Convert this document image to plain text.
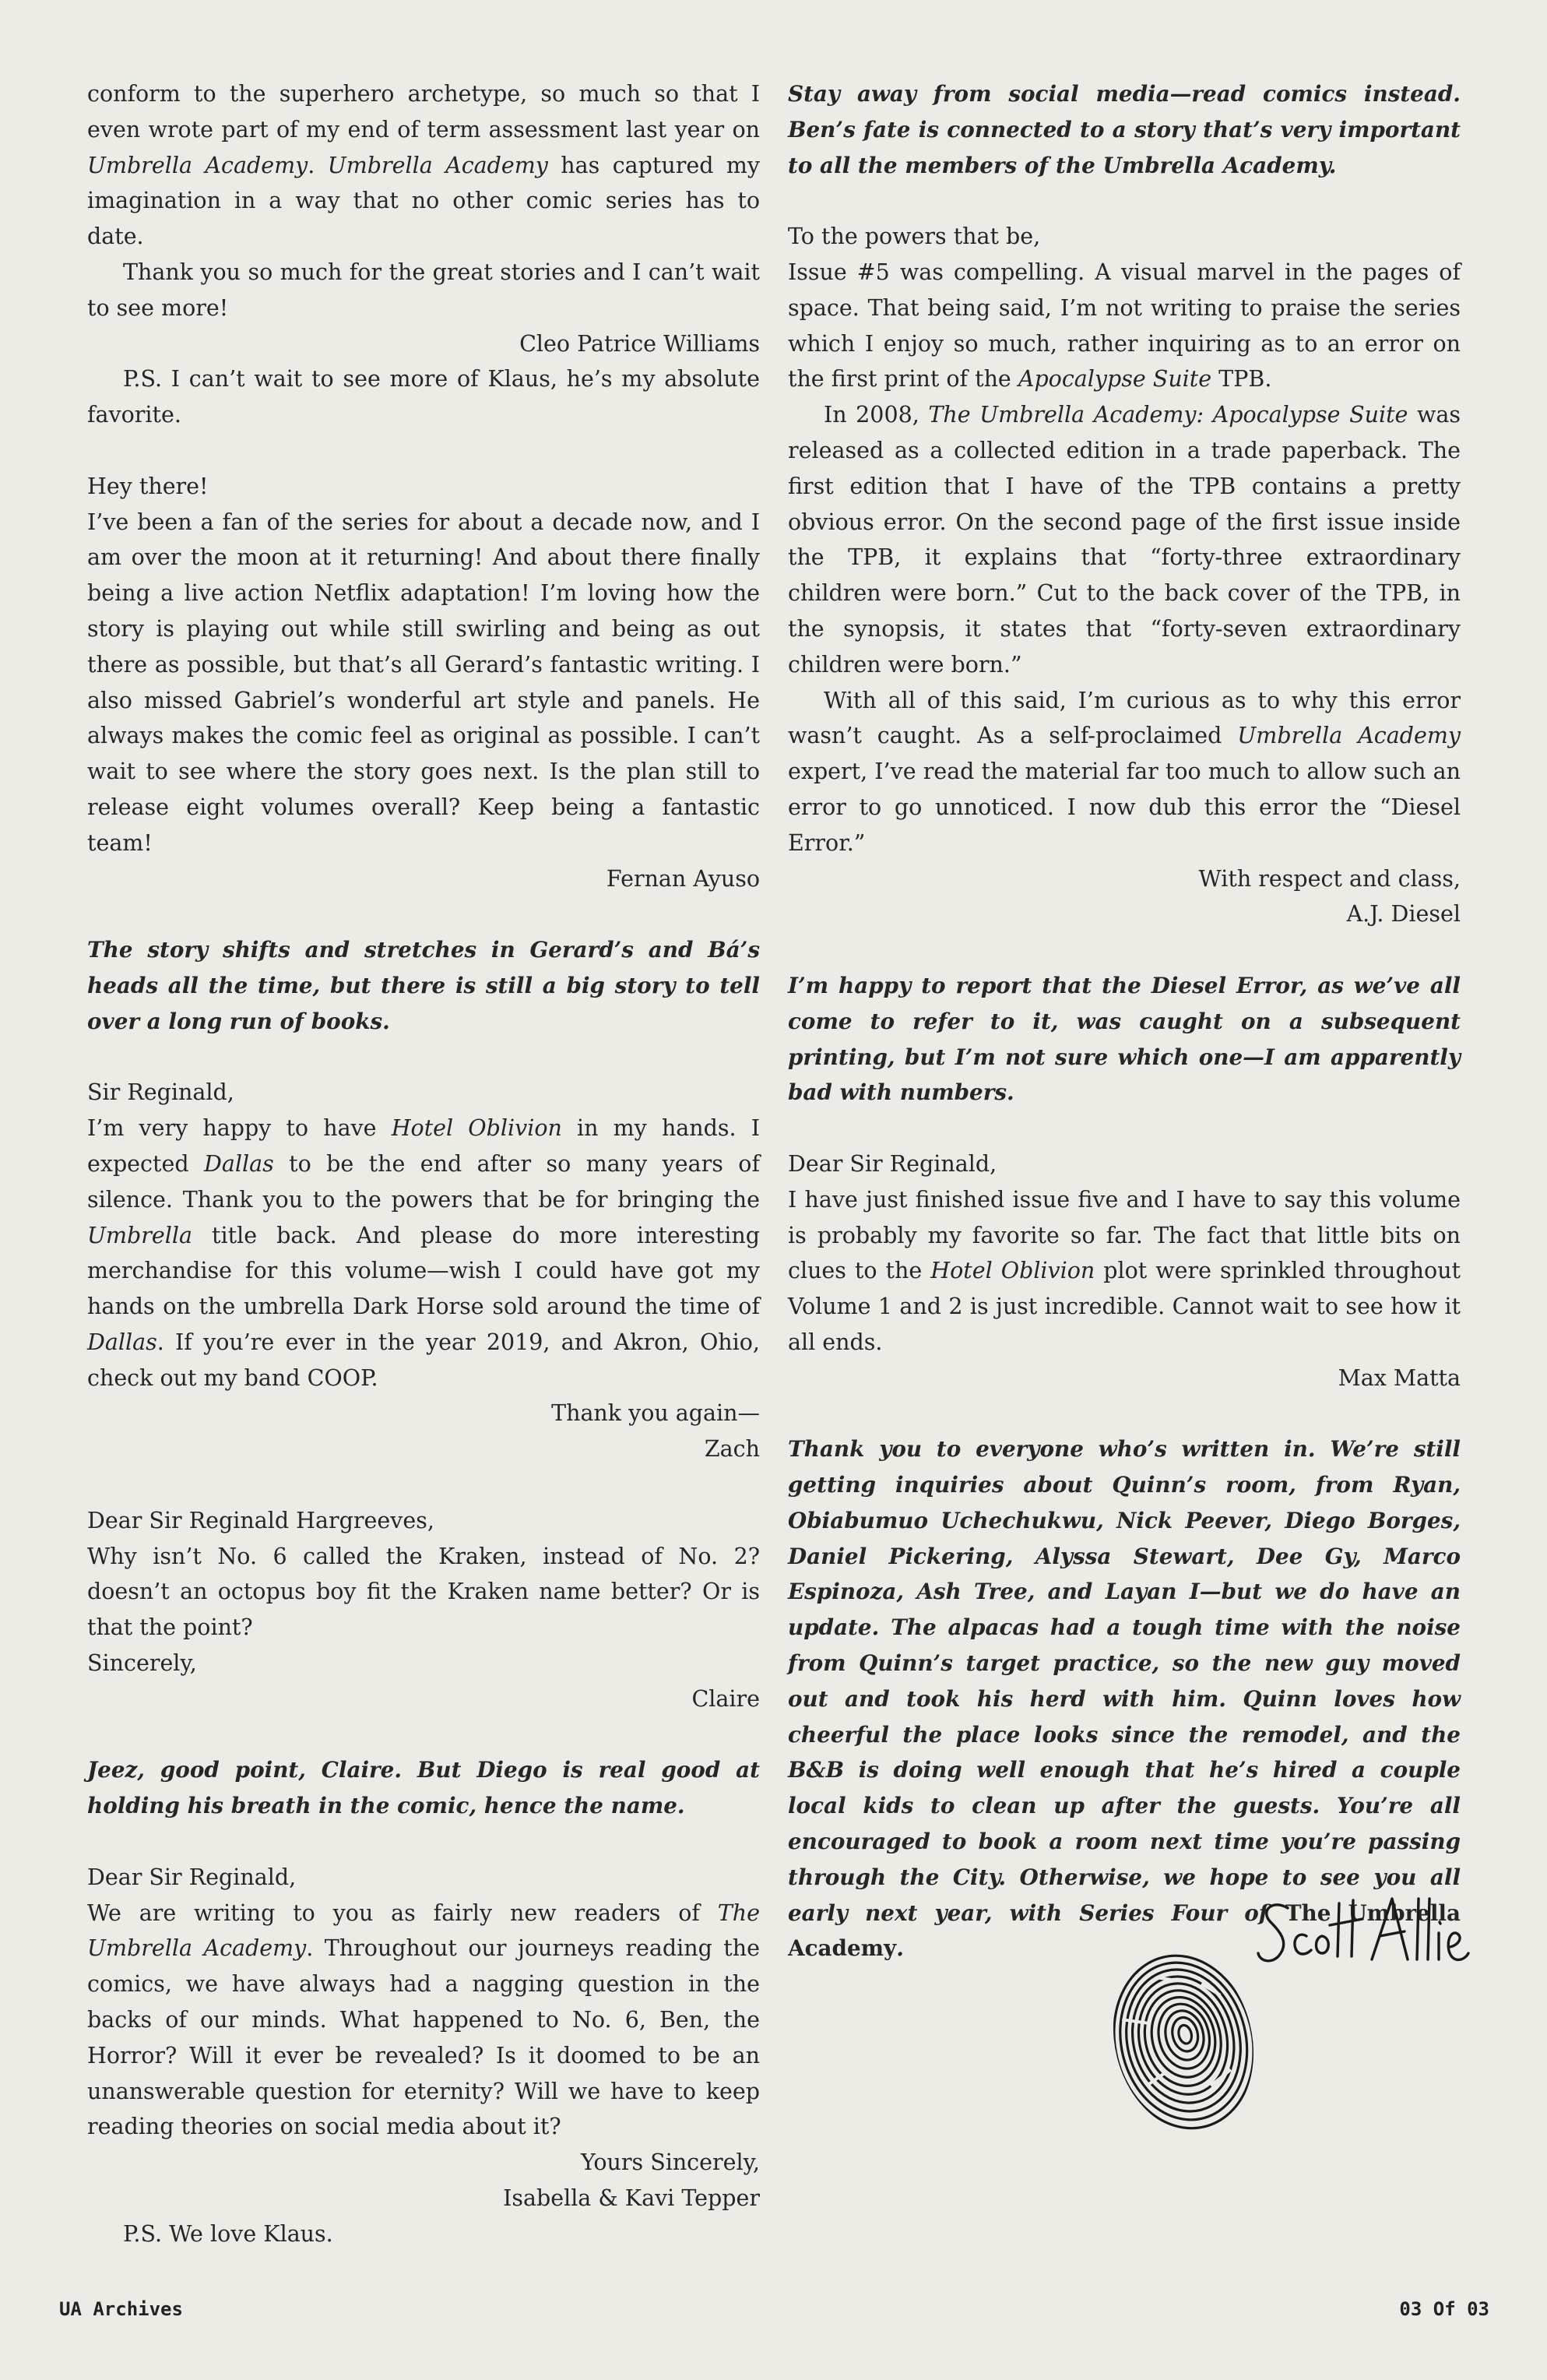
conform to the superhero archetype, so much so that I even wrote part of my end of term assessment last year on Umbrella Academy. Umbrella Academy has captured my imagination in a way that no other comic series has to date.

Thank you so much for the great stories and I can’t wait to see more!

Cleo Patrice Williams

P.S. I can’t wait to see more of Klaus, he’s my absolute favorite.

Hey there!

I’ve been a fan of the series for about a decade now, and I am over the moon at it returning! And about there finally being a live action Netflix adaptation! I’m loving how the story is playing out while still swirling and being as out there as possible, but that’s all Gerard’s fantastic writing. I also missed Gabriel’s wonderful art style and panels. He always makes the comic feel as original as possible. I can’t wait to see where the story goes next. Is the plan still to release eight volumes overall? Keep being a fantastic team!

Fernan Ayuso

The story shifts and stretches in Gerard’s and Bá’s heads all the time, but there is still a big story to tell over a long run of books.

Sir Reginald,

I’m very happy to have Hotel Oblivion in my hands. I expected Dallas to be the end after so many years of silence. Thank you to the powers that be for bringing the Umbrella title back. And please do more interesting merchandise for this volume—wish I could have got my hands on the umbrella Dark Horse sold around the time of Dallas. If you’re ever in the year 2019, and Akron, Ohio, check out my band COOP.

Thank you again—

Zach

Dear Sir Reginald Hargreeves,

Why isn’t No. 6 called the Kraken, instead of No. 2? doesn’t an octopus boy fit the Kraken name better? Or is that the point?

Sincerely,

Claire

Jeez, good point, Claire. But Diego is real good at holding his breath in the comic, hence the name.

Dear Sir Reginald,

We are writing to you as fairly new readers of The Umbrella Academy. Throughout our journeys reading the comics, we have always had a nagging question in the backs of our minds. What happened to No. 6, Ben, the Horror? Will it ever be revealed? Is it doomed to be an unanswerable question for eternity? Will we have to keep reading theories on social media about it?

Yours Sincerely,

Isabella & Kavi Tepper

P.S. We love Klaus.

Stay away from social media—read comics instead. Ben’s fate is connected to a story that’s very important to all the members of the Umbrella Academy.

To the powers that be,

Issue #5 was compelling. A visual marvel in the pages of space. That being said, I’m not writing to praise the series which I enjoy so much, rather inquiring as to an error on the first print of the Apocalypse Suite TPB.

In 2008, The Umbrella Academy: Apocalypse Suite was released as a collected edition in a trade paperback. The first edition that I have of the TPB contains a pretty obvious error. On the second page of the first issue inside the TPB, it explains that “forty-three extraordinary children were born.” Cut to the back cover of the TPB, in the synopsis, it states that “forty-seven extraordinary children were born.”

With all of this said, I’m curious as to why this error wasn’t caught. As a self-proclaimed Umbrella Academy expert, I’ve read the material far too much to allow such an error to go unnoticed. I now dub this error the “Diesel Error.”

With respect and class,

A.J. Diesel

I’m happy to report that the Diesel Error, as we’ve all come to refer to it, was caught on a subsequent printing, but I’m not sure which one—I am apparently bad with numbers.

Dear Sir Reginald,

I have just finished issue five and I have to say this volume is probably my favorite so far. The fact that little bits on clues to the Hotel Oblivion plot were sprinkled throughout Volume 1 and 2 is just incredible. Cannot wait to see how it all ends.

Max Matta

Thank you to everyone who’s written in. We’re still getting inquiries about Quinn’s room, from Ryan, Obiabumuo Uchechukwu, Nick Peever, Diego Borges, Daniel Pickering, Alyssa Stewart, Dee Gy, Marco Espinoza, Ash Tree, and Layan I—but we do have an update. The alpacas had a tough time with the noise from Quinn’s target practice, so the new guy moved out and took his herd with him. Quinn loves how cheerful the place looks since the remodel, and the B&B is doing well enough that he’s hired a couple local kids to clean up after the guests. You’re all encouraged to book a room next time you’re passing through the City. Otherwise, we hope to see you all early next year, with Series Four of The Umbrella Academy.

UA Archives	03 Of 03
